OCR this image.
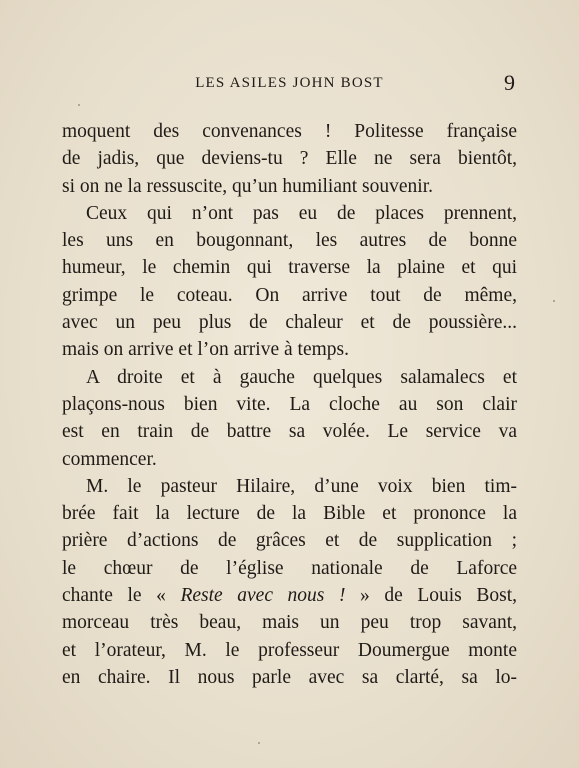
LES ASILES JOHN BOST	9
moquent des convenances ! Politesse française
de jadis, que deviens-tu ? Elle ne sera bientôt,
si on ne la ressuscite, qu’un humiliant souvenir.
Ceux qui n’ont pas eu de places prennent,
les uns en bougonnant, les autres de bonne
humeur, le chemin qui traverse la plaine et qui
grimpe le coteau. On arrive tout de même,
avec un peu plus de chaleur et de poussière...
mais on arrive et l’on arrive à temps.
A droite et à gauche quelques salamalecs et
plaçons-nous bien vite. La cloche au son clair
est en train de battre sa volée. Le service va
commencer.
M. le pasteur Hilaire, d’une voix bien tim-
brée fait la lecture de la Bible et prononce la
prière d’actions de grâces et de supplication ;
le chœur de l’église nationale de Laforce
chante le « Reste avec nous ! » de Louis Bost,
morceau très beau, mais un peu trop savant,
et l’orateur, M. le professeur Doumergue monte
en chaire. Il nous parle avec sa clarté, sa lo-
